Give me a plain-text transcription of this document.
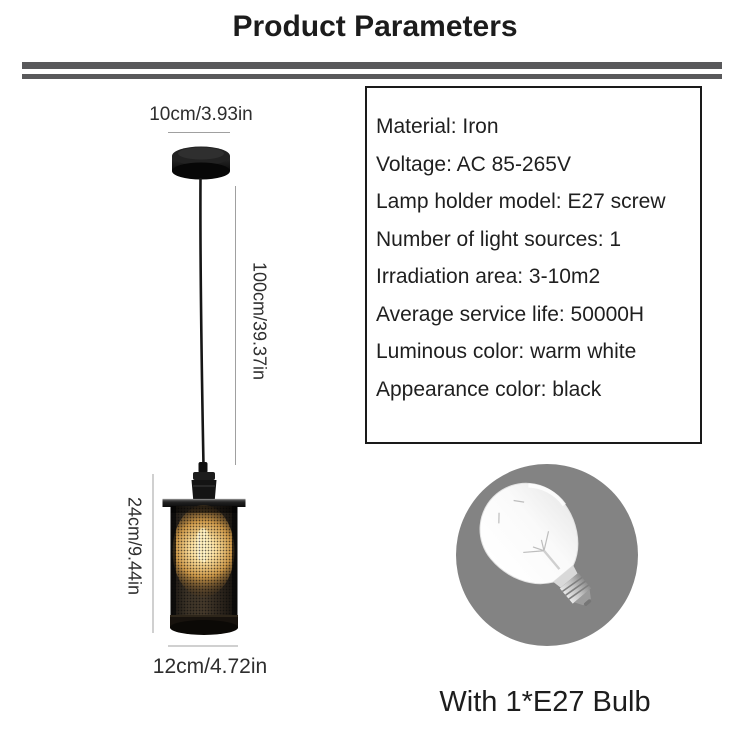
Product Parameters
10cm/3.93in
100cm/39.37in
24cm/9.44in
12cm/4.72in
Material: Iron
Voltage: AC 85-265V
Lamp holder model: E27 screw
Number of light sources: 1
Irradiation area: 3-10m2
Average service life: 50000H
Luminous color: warm white
Appearance color: black
With 1*E27 Bulb
